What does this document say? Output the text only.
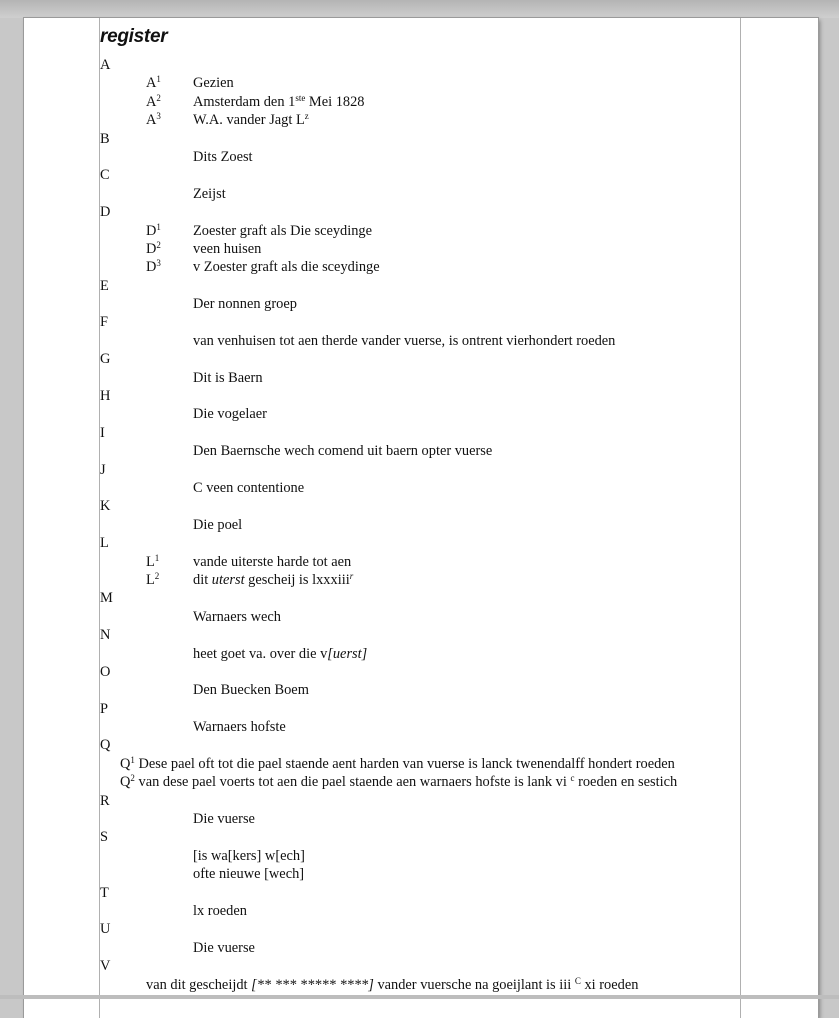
register
A
$A^1$ Gezien
$A^2$ Amsterdam den 1ste Mei 1828
$A^3$ W.A. vander Jagt $L^z$
B
Dits Zoest
C
Zeijst
D
$D^1$ Zoester graft als Die sceydinge
$D^2$ veen huisen
$D^3$ v Zoester graft als die sceydinge
E
Der nonnen groep
F
van venhuisen tot aen therde vander vuerse, is ontrent vierhondert roeden
G
Dit is Baern
H
Die vogelaer
I
Den Baernsche wech comend uit baern opter vuerse
J
C veen contentione
K
Die poel
L
$L^1$ vande uiterste harde tot aen
$L^2$ dit uterst gescheij is lxxxiii$^r$
M
Warnaers wech
N
heet goet va. over die v[uerst]
O
Den Buecken Boem
P
Warnaers hofste
Q
$Q^1$ Dese pael oft tot die pael staende aent harden van vuerse is lanck twenendalff hondert roeden
$Q^2$ van dese pael voerts tot aen die pael staende aen warnaers hofste is lank vi $^c$ roeden en sestich
R
Die vuerse
S
[is wa[kers] w[ech]
ofte nieuwe [wech]
T
lx roeden
U
Die vuerse
V
van dit gescheijdt [** *** ***** ****] vander vuersche na goeijlant is iii $^C$ xi roeden
